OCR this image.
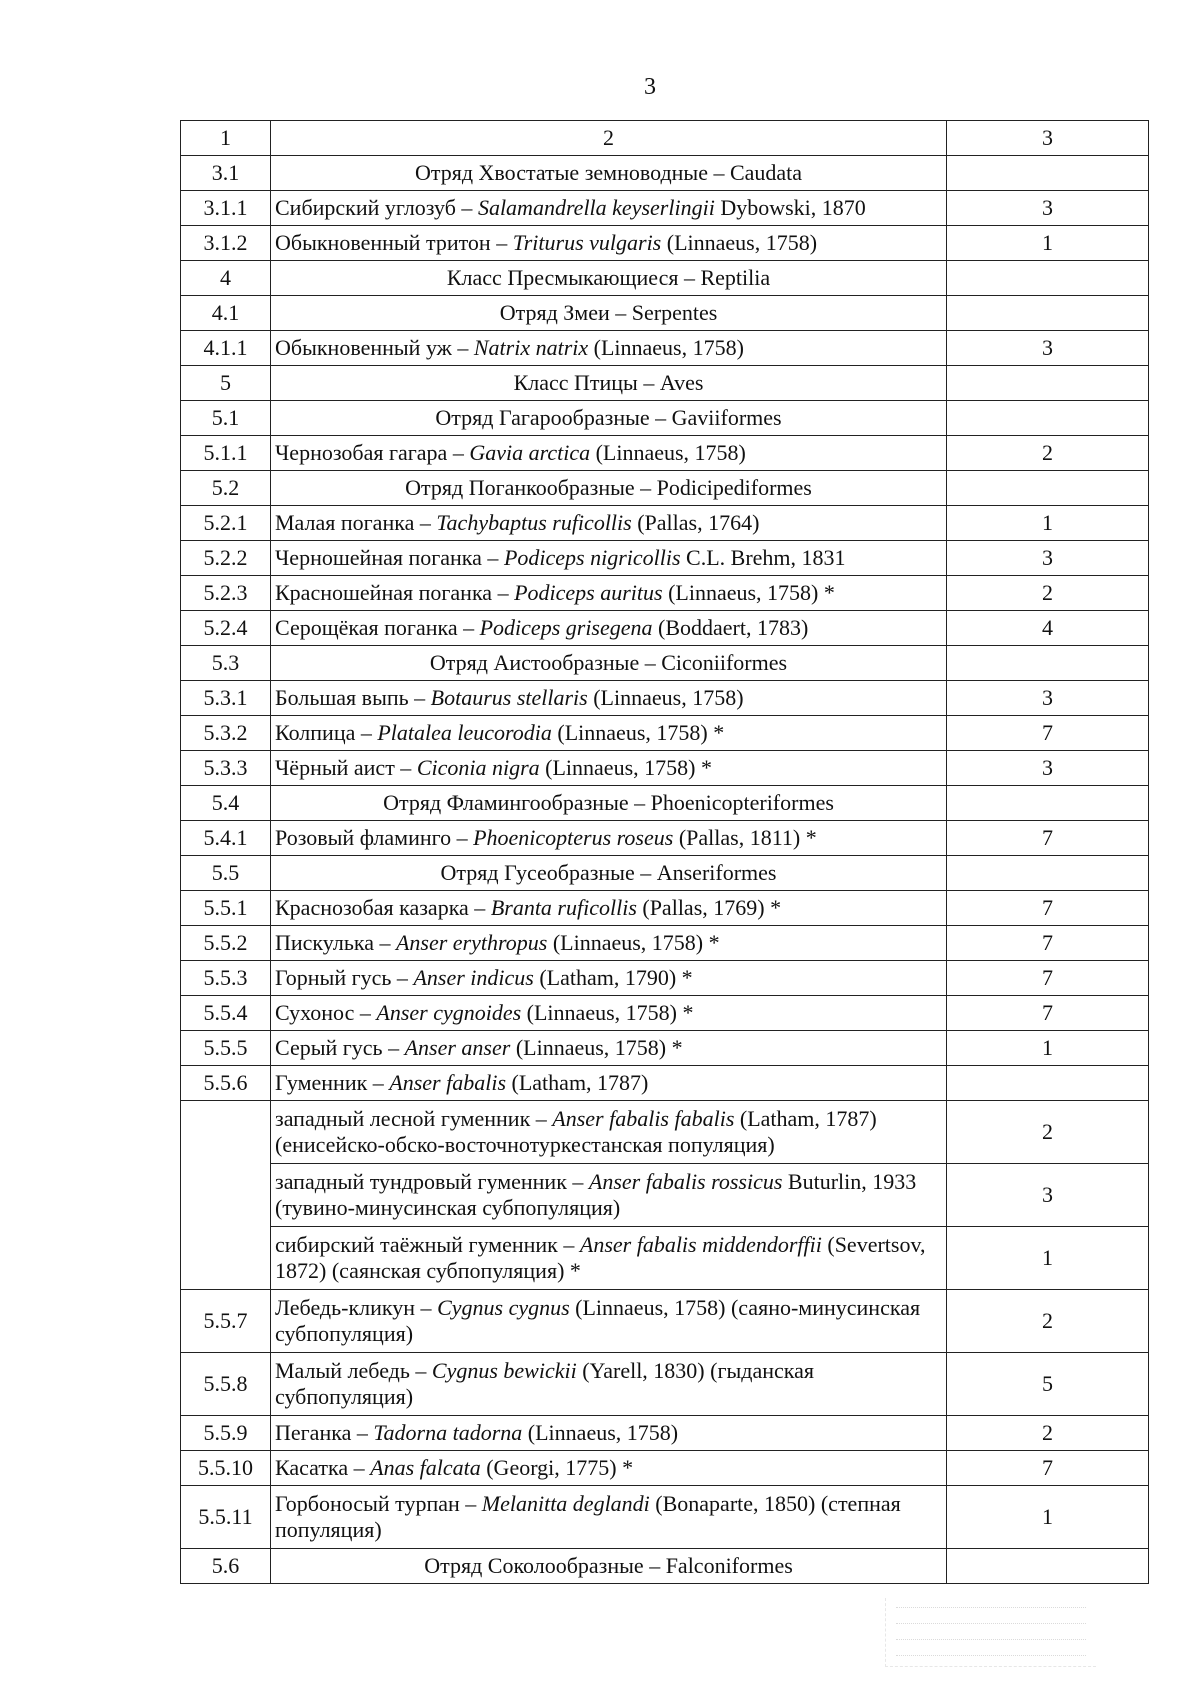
3
1	2	3
3.1	Отряд Хвостатые земноводные – Caudata	
3.1.1	Сибирский углозуб – Salamandrella keyserlingii Dybowski, 1870	3
3.1.2	Обыкновенный тритон – Triturus vulgaris (Linnaeus, 1758)	1
4	Класс Пресмыкающиеся – Reptilia	
4.1	Отряд Змеи – Serpentes	
4.1.1	Обыкновенный уж – Natrix natrix (Linnaeus, 1758)	3
5	Класс Птицы – Aves	
5.1	Отряд Гагарообразные – Gaviiformes	
5.1.1	Чернозобая гагара – Gavia arctica (Linnaeus, 1758)	2
5.2	Отряд Поганкообразные – Podicipediformes	
5.2.1	Малая поганка – Tachybaptus ruficollis (Pallas, 1764)	1
5.2.2	Черношейная поганка – Podiceps nigricollis C.L. Brehm, 1831	3
5.2.3	Красношейная поганка – Podiceps auritus (Linnaeus, 1758) *	2
5.2.4	Серощёкая поганка – Podiceps grisegena (Boddaert, 1783)	4
5.3	Отряд Аистообразные – Ciconiiformes	
5.3.1	Большая выпь – Botaurus stellaris (Linnaeus, 1758)	3
5.3.2	Колпица – Platalea leucorodia (Linnaeus, 1758) *	7
5.3.3	Чёрный аист – Ciconia nigra (Linnaeus, 1758) *	3
5.4	Отряд Фламингообразные – Phoenicopteriformes	
5.4.1	Розовый фламинго – Phoenicopterus roseus (Pallas, 1811) *	7
5.5	Отряд Гусеобразные – Anseriformes	
5.5.1	Краснозобая казарка – Branta ruficollis (Pallas, 1769) *	7
5.5.2	Пискулька – Anser erythropus (Linnaeus, 1758) *	7
5.5.3	Горный гусь – Anser indicus (Latham, 1790) *	7
5.5.4	Сухонос – Anser cygnoides (Linnaeus, 1758) *	7
5.5.5	Серый гусь – Anser anser (Linnaeus, 1758) *	1
5.5.6	Гуменник – Anser fabalis (Latham, 1787)	
	западный лесной гуменник – Anser fabalis fabalis (Latham, 1787) (енисейско-обско-восточнотуркестанская популяция)	2
	западный тундровый гуменник – Anser fabalis rossicus Buturlin, 1933 (тувино-минусинская субпопуляция)	3
	сибирский таёжный гуменник – Anser fabalis middendorffii (Severtsov, 1872) (саянская субпопуляция) *	1
5.5.7	Лебедь-кликун – Cygnus cygnus (Linnaeus, 1758) (саяно-минусинская субпопуляция)	2
5.5.8	Малый лебедь – Cygnus bewickii (Yarell, 1830) (гыданская субпопуляция)	5
5.5.9	Пеганка – Tadorna tadorna (Linnaeus, 1758)	2
5.5.10	Касатка – Anas falcata (Georgi, 1775) *	7
5.5.11	Горбоносый турпан – Melanitta deglandi (Bonaparte, 1850) (степная популяция)	1
5.6	Отряд Соколообразные – Falconiformes	
